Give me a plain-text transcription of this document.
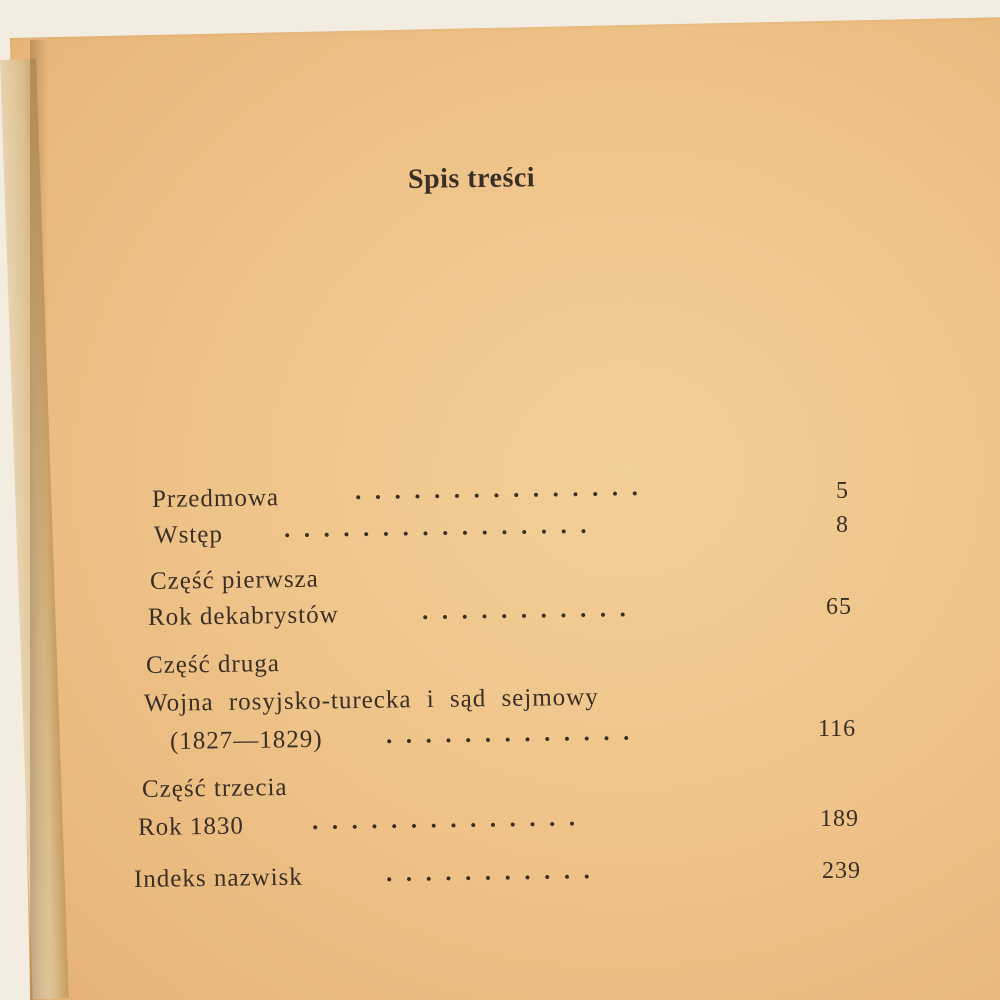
Spis treści
Przedmowa	...............	5
Wstęp ................	8
Część pierwsza
Rok dekabrystów	...........	65
Część druga
Wojna rosyjsko-turecka i sąd sejmowy
(1827—1829)	.............	116
Część trzecia
Rok 1830	..............	189
Indeks nazwisk	...........	239
